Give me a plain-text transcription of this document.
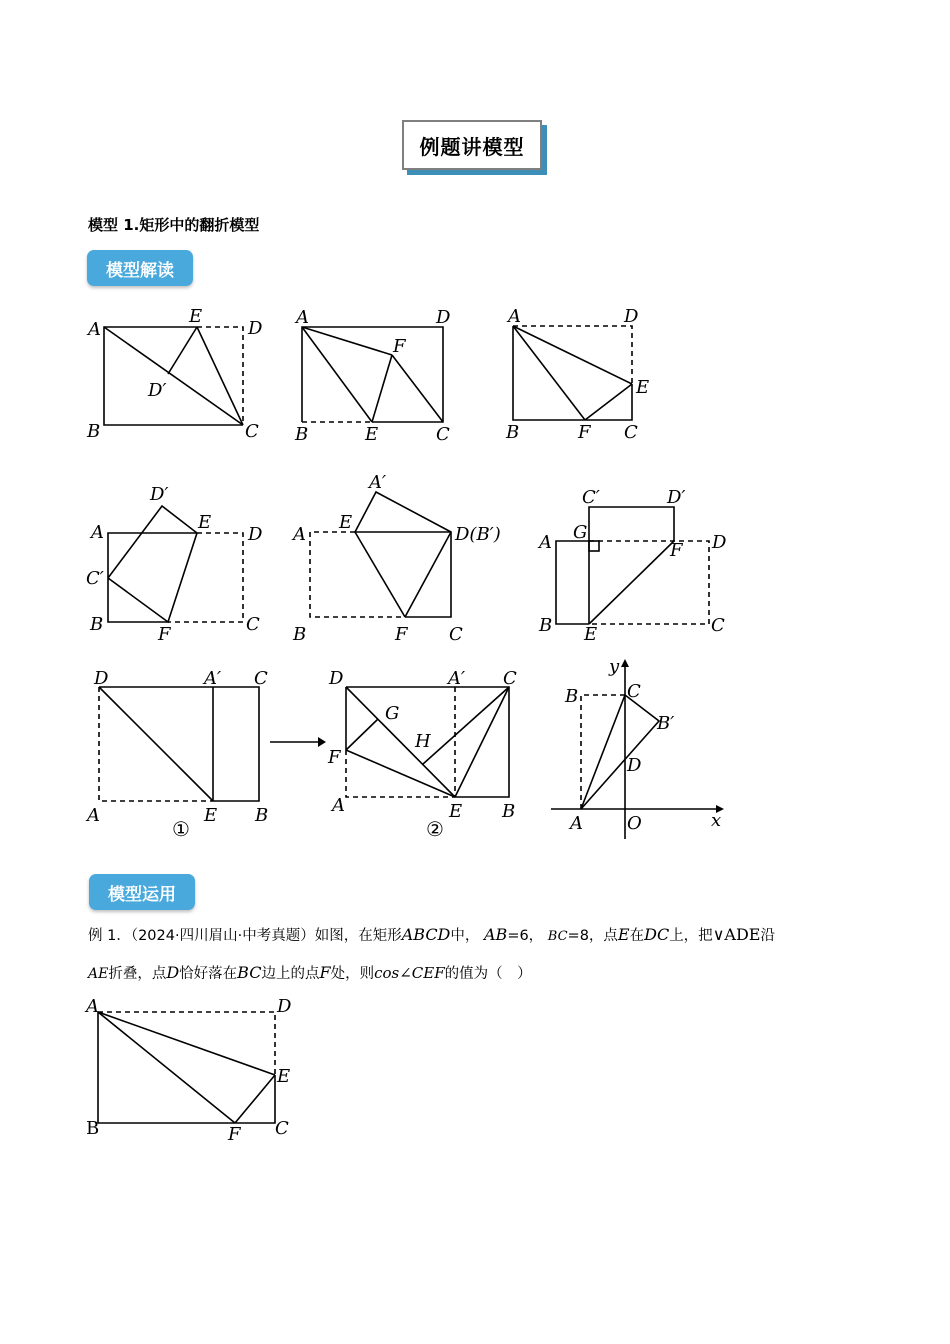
例题讲模型
模型 1.矩形中的翻折模型
模型解读
模型运用
A
E
D
D′
B	C
A	D
F
B	E	C
A	D
E
B	F C
D′
A	E
D
C′
B	F	C
A′
E
A	D(B′)
B	F C
C′	D′
G
A	D
F
B E	C
D	A′ C
A	E B
①
D	A′ C
G
H
F
A	E B
②
y
B	C
B′
D
A O	x
A	D
E
B	F C
例 1．（2024·四川眉山·中考真题）如图，在矩形ABCD中， AB=6， BC=8，点E在DC上，把∨ADE沿
AE折叠，点D恰好落在BC边上的点F处，则cos∠CEF的值为（　）
